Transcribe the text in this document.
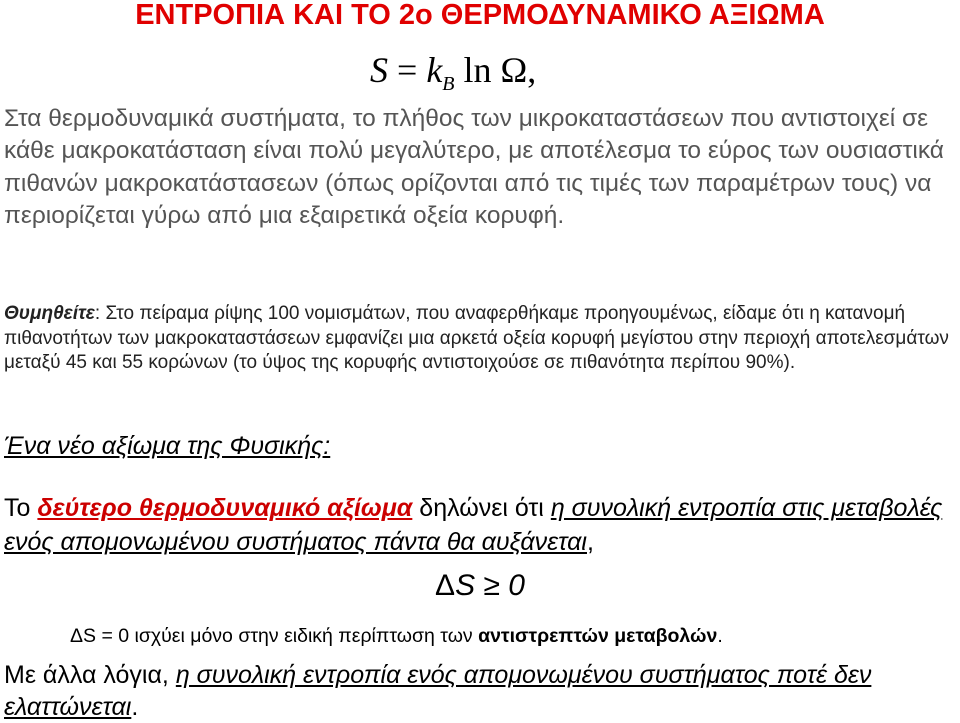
ΕΝΤΡΟΠΙΑ ΚΑΙ ΤΟ 2ο ΘΕΡΜΟΔΥΝΑΜΙΚΟ ΑΞΙΩΜΑ
$S = k_B$ ln Ω,

Στα θερμοδυναμικά συστήματα, το πλήθος των μικροκαταστάσεων που αντιστοιχεί σε κάθε μακροκατάσταση είναι πολύ μεγαλύτερο, με αποτέλεσμα το εύρος των ουσιαστικά πιθανών μακροκατάστασεων (όπως ορίζονται από τις τιμές των παραμέτρων τους) να περιορίζεται γύρω από μια εξαιρετικά οξεία κορυφή.

Θυμηθείτε: Στο πείραμα ρίψης 100 νομισμάτων, που αναφερθήκαμε προηγουμένως, είδαμε ότι η κατανομή πιθανοτήτων των μακροκαταστάσεων εμφανίζει μια αρκετά οξεία κορυφή μεγίστου στην περιοχή αποτελεσμάτων μεταξύ 45 και 55 κορώνων (το ύψος της κορυφής αντιστοιχούσε σε πιθανότητα περίπου 90%).

Ένα νέο αξίωμα της Φυσικής:

Το δεύτερο θερμοδυναμικό αξίωμα δηλώνει ότι η συνολική εντροπία στις μεταβολές ενός απομονωμένου συστήματος πάντα θα αυξάνεται,

ΔS ≥ 0

ΔS = 0 ισχύει μόνο στην ειδική περίπτωση των αντιστρεπτών μεταβολών.

Με άλλα λόγια, η συνολική εντροπία ενός απομονωμένου συστήματος ποτέ δεν ελαττώνεται.
